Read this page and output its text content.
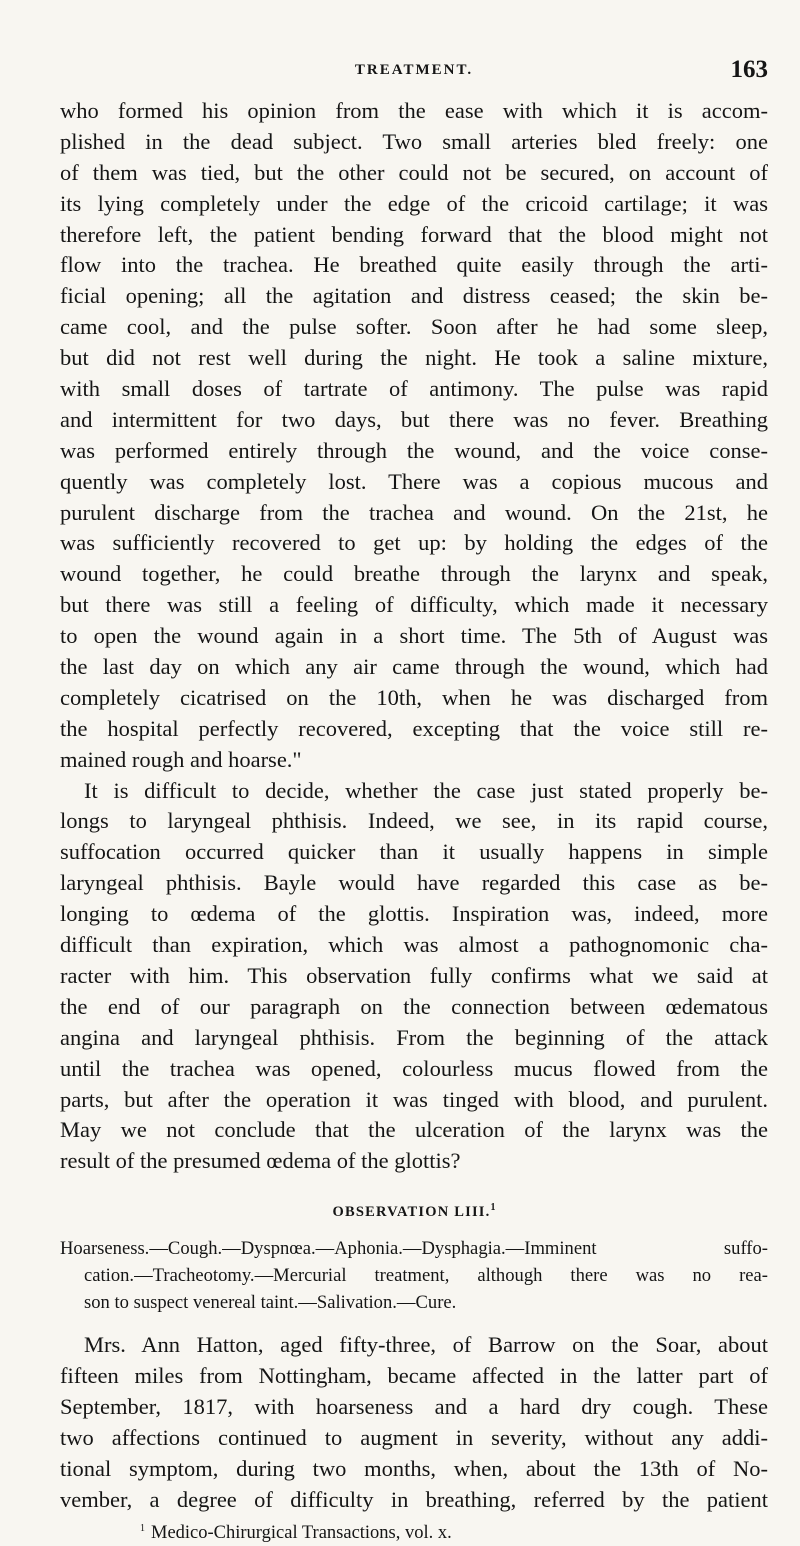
TREATMENT.	163
who formed his opinion from the ease with which it is accom-
plished in the dead subject. Two small arteries bled freely: one
of them was tied, but the other could not be secured, on account of
its lying completely under the edge of the cricoid cartilage; it was
therefore left, the patient bending forward that the blood might not
flow into the trachea. He breathed quite easily through the arti-
ficial opening; all the agitation and distress ceased; the skin be-
came cool, and the pulse softer. Soon after he had some sleep,
but did not rest well during the night. He took a saline mixture,
with small doses of tartrate of antimony. The pulse was rapid
and intermittent for two days, but there was no fever. Breathing
was performed entirely through the wound, and the voice conse-
quently was completely lost. There was a copious mucous and
purulent discharge from the trachea and wound. On the 21st, he
was sufficiently recovered to get up: by holding the edges of the
wound together, he could breathe through the larynx and speak,
but there was still a feeling of difficulty, which made it necessary
to open the wound again in a short time. The 5th of August was
the last day on which any air came through the wound, which had
completely cicatrised on the 10th, when he was discharged from
the hospital perfectly recovered, excepting that the voice still re-
mained rough and hoarse."
It is difficult to decide, whether the case just stated properly be-
longs to laryngeal phthisis. Indeed, we see, in its rapid course,
suffocation occurred quicker than it usually happens in simple
laryngeal phthisis. Bayle would have regarded this case as be-
longing to œdema of the glottis. Inspiration was, indeed, more
difficult than expiration, which was almost a pathognomonic cha-
racter with him. This observation fully confirms what we said at
the end of our paragraph on the connection between œdematous
angina and laryngeal phthisis. From the beginning of the attack
until the trachea was opened, colourless mucus flowed from the
parts, but after the operation it was tinged with blood, and purulent.
May we not conclude that the ulceration of the larynx was the
result of the presumed œdema of the glottis?
OBSERVATION LIII.$^1$
Hoarseness.—Cough.—Dyspnœa.—Aphonia.—Dysphagia.—Imminent suffo-
cation.—Tracheotomy.—Mercurial treatment, although there was no rea-
son to suspect venereal taint.—Salivation.—Cure.
Mrs. Ann Hatton, aged fifty-three, of Barrow on the Soar, about
fifteen miles from Nottingham, became affected in the latter part of
September, 1817, with hoarseness and a hard dry cough. These
two affections continued to augment in severity, without any addi-
tional symptom, during two months, when, about the 13th of No-
vember, a degree of difficulty in breathing, referred by the patient
$^1$ Medico-Chirurgical Transactions, vol. x.
